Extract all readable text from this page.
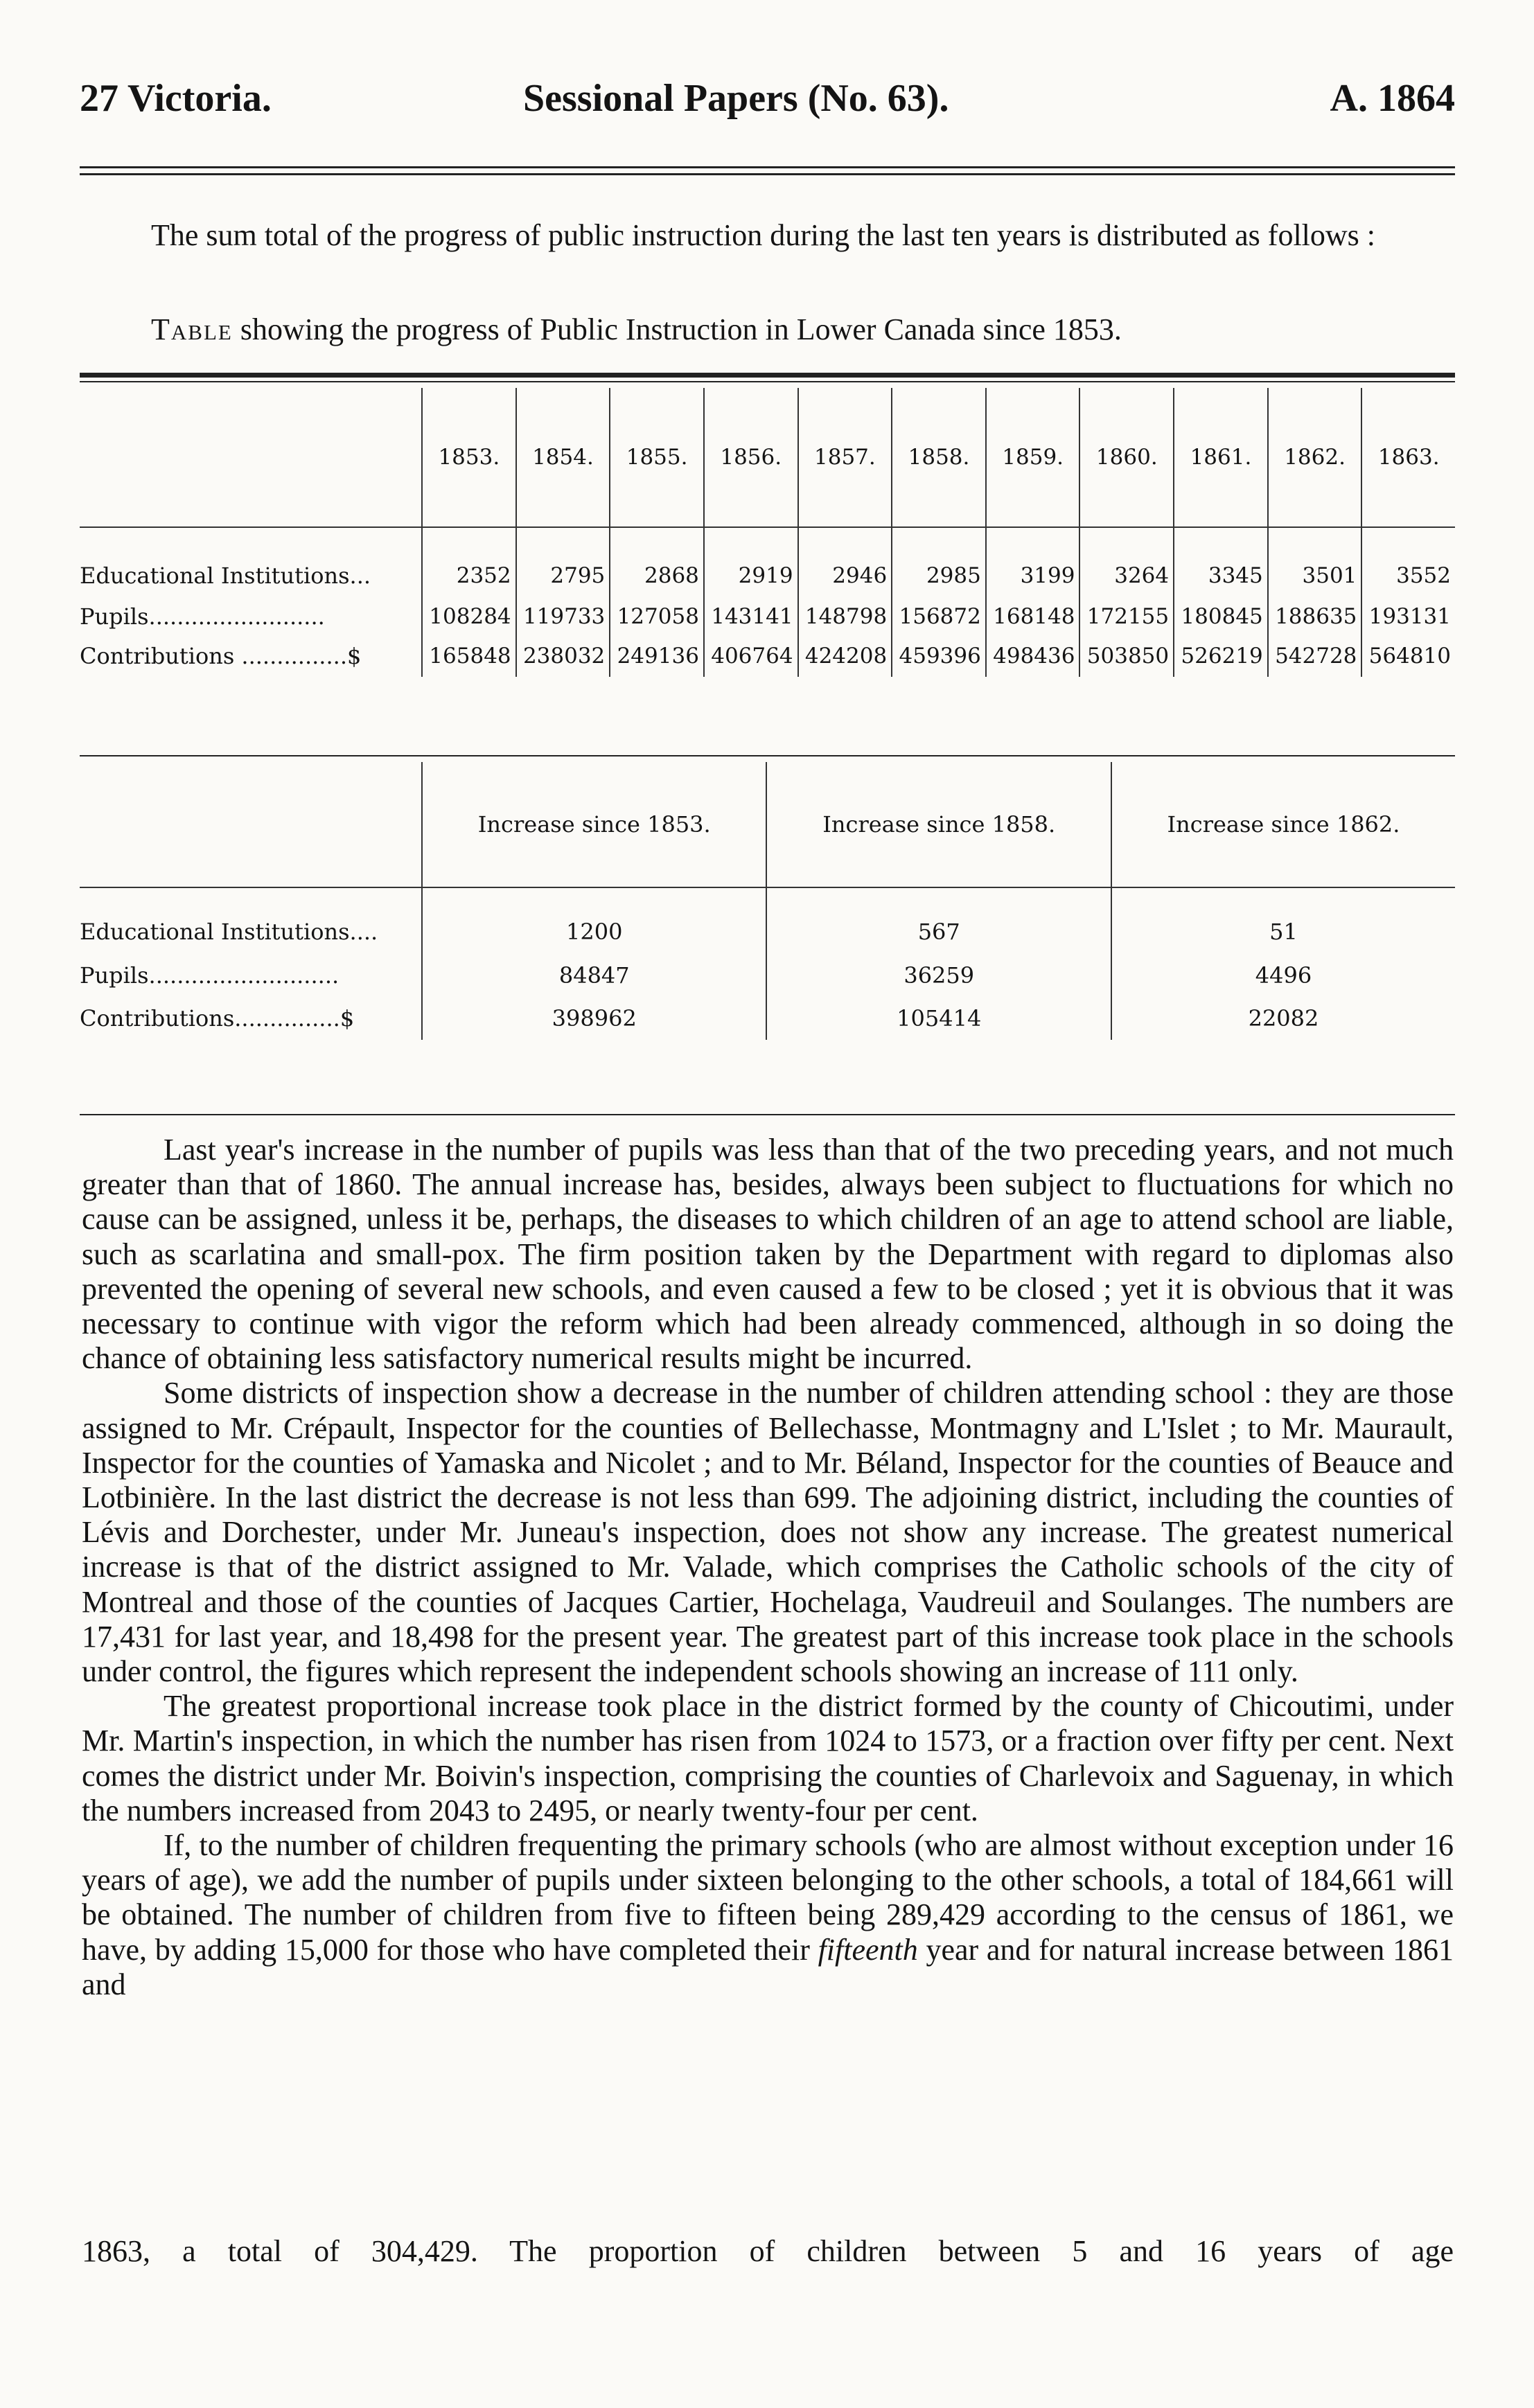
27 Victoria.	Sessional Papers (No. 63).	A. 1864

The sum total of the progress of public instruction during the last ten years is distributed as follows :

Table showing the progress of Public Instruction in Lower Canada since 1853.
	1853.	1854.	1855.	1856.	1857.	1858.	1859.	1860.	1861.	1862.	1863.
Educational Institutions...	2352	2795	2868	2919	2946	2985	3199	3264	3345	3501	3552
Pupils.........................	108284	119733	127058	143141	148798	156872	168148	172155	180845	188635	193131
Contributions ...............$	165848	238032	249136	406764	424208	459396	498436	503850	526219	542728	564810
	Increase since 1853.	Increase since 1858.	Increase since 1862.
Educational Institutions....	1200	567	51
Pupils...........................	84847	36259	4496
Contributions...............$	398962	105414	22082

Last year's increase in the number of pupils was less than that of the two preceding years, and not much greater than that of 1860. The annual increase has, besides, always been subject to fluctuations for which no cause can be assigned, unless it be, perhaps, the diseases to which children of an age to attend school are liable, such as scarlatina and small-pox. The firm position taken by the Department with regard to diplomas also prevented the opening of several new schools, and even caused a few to be closed ; yet it is obvious that it was necessary to continue with vigor the reform which had been already commenced, although in so doing the chance of obtaining less satisfactory numerical results might be incurred.

Some districts of inspection show a decrease in the number of children attending school : they are those assigned to Mr. Crépault, Inspector for the counties of Bellechasse, Montmagny and L'Islet ; to Mr. Maurault, Inspector for the counties of Yamaska and Nicolet ; and to Mr. Béland, Inspector for the counties of Beauce and Lotbinière. In the last district the decrease is not less than 699. The adjoining district, including the counties of Lévis and Dorchester, under Mr. Juneau's inspection, does not show any increase. The greatest numerical increase is that of the district assigned to Mr. Valade, which comprises the Catholic schools of the city of Montreal and those of the counties of Jacques Cartier, Hochelaga, Vaudreuil and Soulanges. The numbers are 17,431 for last year, and 18,498 for the present year. The greatest part of this increase took place in the schools under control, the figures which represent the independent schools showing an increase of 111 only.

The greatest proportional increase took place in the district formed by the county of Chicoutimi, under Mr. Martin's inspection, in which the number has risen from 1024 to 1573, or a fraction over fifty per cent. Next comes the district under Mr. Boivin's inspection, comprising the counties of Charlevoix and Saguenay, in which the numbers increased from 2043 to 2495, or nearly twenty-four per cent.

If, to the number of children frequenting the primary schools (who are almost without exception under 16 years of age), we add the number of pupils under sixteen belonging to the other schools, a total of 184,661 will be obtained. The number of children from five to fifteen being 289,429 according to the census of 1861, we have, by adding 15,000 for those who have completed their fifteenth year and for natural increase between 1861 and

1863, a total of 304,429. The proportion of children between 5 and 16 years of age
